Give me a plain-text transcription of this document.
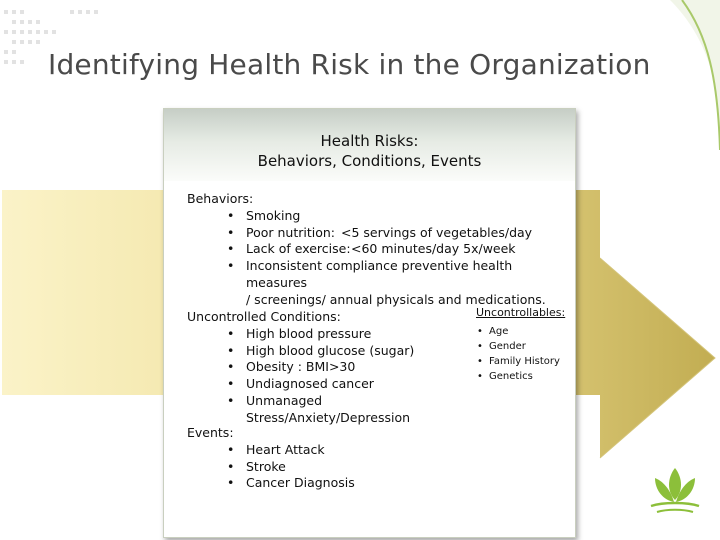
Identifying Health Risk in the Organization
Health Risks:
Behaviors, Conditions, Events
Behaviors:
• Smoking
• Poor nutrition: <5 servings of vegetables/day
• Lack of exercise:<60 minutes/day 5x/week
• Inconsistent compliance preventive health measures
/ screenings/ annual physicals and medications.
Uncontrolled Conditions:
• High blood pressure
• High blood glucose (sugar)
• Obesity : BMI>30
• Undiagnosed cancer
• Unmanaged Stress/Anxiety/Depression
Events:
• Heart Attack
• Stroke
• Cancer Diagnosis
Uncontrollables:
• Age
• Gender
• Family History
• Genetics
